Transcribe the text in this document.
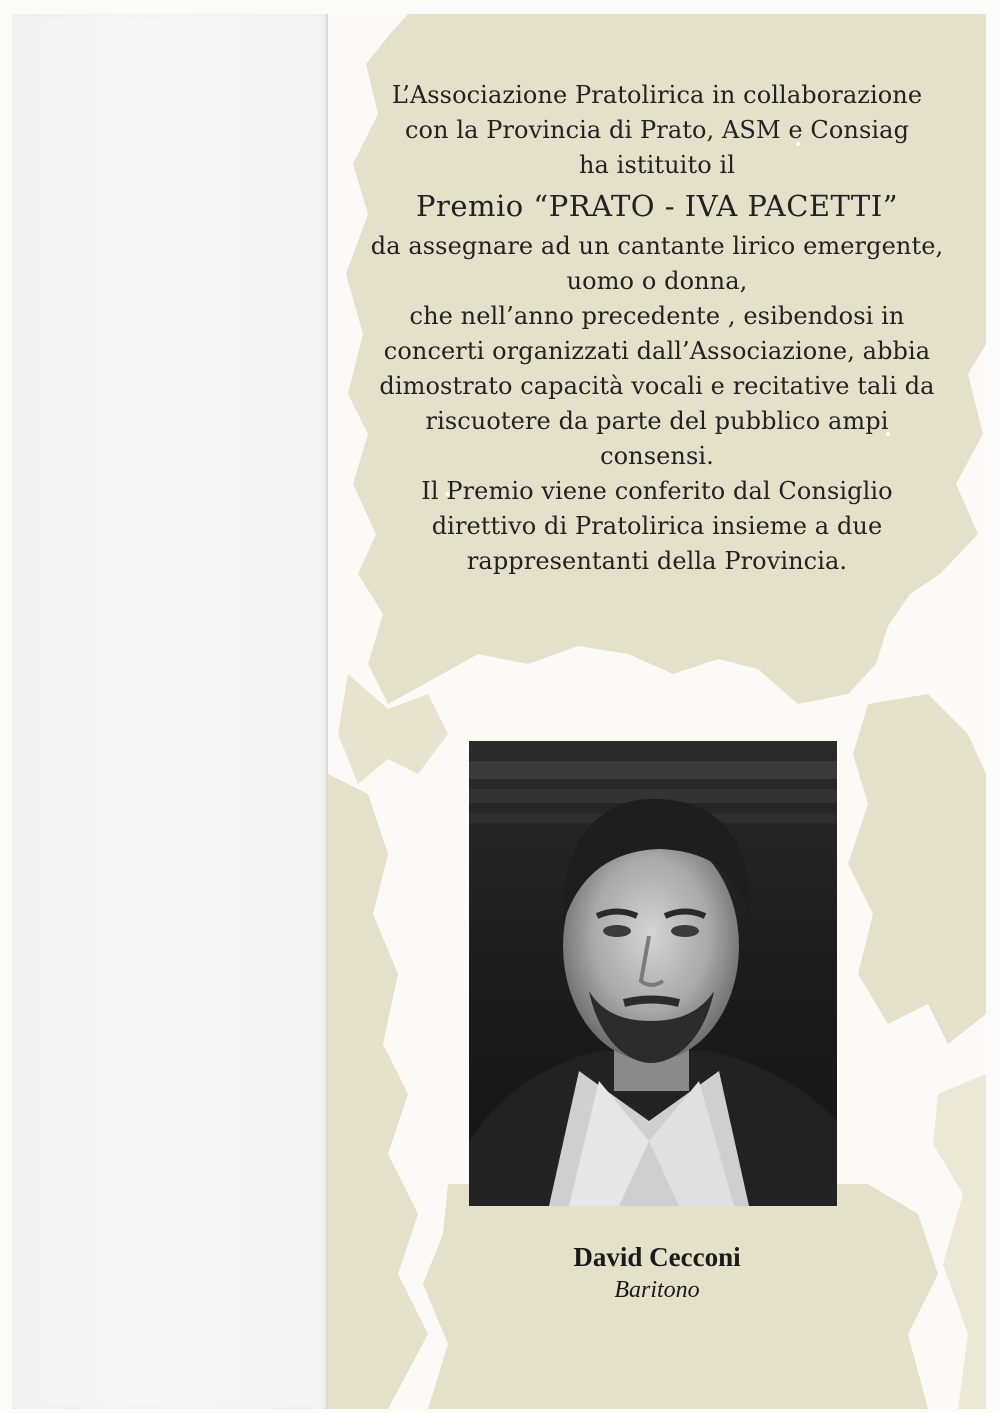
L’Associazione Pratolirica in collaborazione
con la Provincia di Prato, ASM e Consiag
ha istituito il
Premio “PRATO - IVA PACETTI”
da assegnare ad un cantante lirico emergente,
uomo o donna,
che nell’anno precedente , esibendosi in
concerti organizzati dall’Associazione, abbia
dimostrato capacità vocali e recitative tali da
riscuotere da parte del pubblico ampi
consensi.
Il Premio viene conferito dal Consiglio
direttivo di Pratolirica insieme a due
rappresentanti della Provincia.
David Cecconi
Baritono
